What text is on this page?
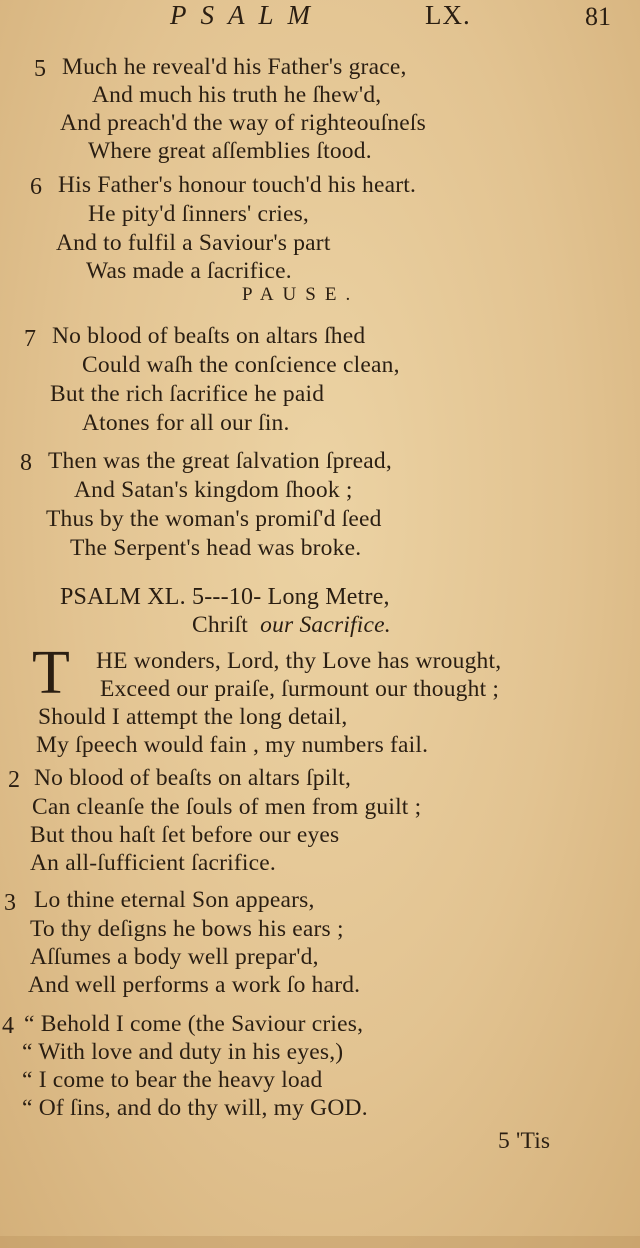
PSALM	LX.	81
5 Much he reveal'd his Father's grace,
And much his truth he ſhew'd,
And preach'd the way of righteouſneſs
Where great aſſemblies ſtood.
6 His Father's honour touch'd his heart.
He pity'd ſinners' cries,
And to fulfil a Saviour's part
Was made a ſacrifice.
PAUSE.
7 No blood of beaſts on altars ſhed
Could waſh the conſcience clean,
But the rich ſacrifice he paid
Atones for all our ſin.
8 Then was the great ſalvation ſpread,
And Satan's kingdom ſhook ;
Thus by the woman's promiſ'd ſeed
The Serpent's head was broke.
PSALM XL. 5---10- Long Metre,
Chriſt our Sacrifice.
T HE wonders, Lord, thy Love has wrought,
Exceed our praiſe, ſurmount our thought ;
Should I attempt the long detail,
My ſpeech would fain , my numbers fail.
2 No blood of beaſts on altars ſpilt,
Can cleanſe the ſouls of men from guilt ;
But thou haſt ſet before our eyes
An all-ſufficient ſacrifice.
3 Lo thine eternal Son appears,
To thy deſigns he bows his ears ;
Aſſumes a body well prepar'd,
And well performs a work ſo hard.
4 “ Behold I come (the Saviour cries,
“ With love and duty in his eyes,)
“ I come to bear the heavy load
“ Of ſins, and do thy will, my GOD.
5 'Tis
